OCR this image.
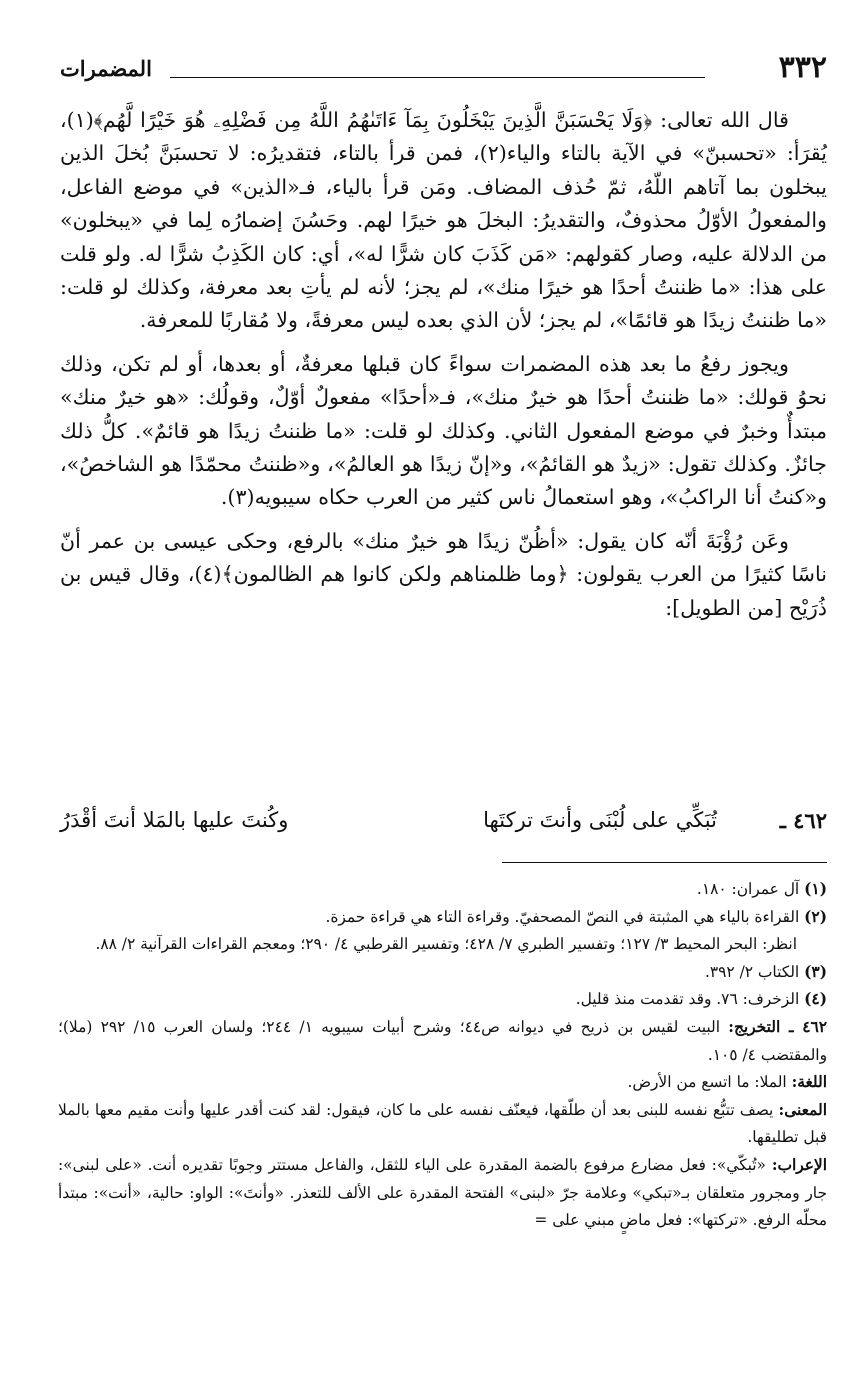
٣٣٢
المضمرات

قال الله تعالى: ﴿وَلَا يَحْسَبَنَّ الَّذِينَ يَبْخَلُونَ بِمَآ ءَاتَىٰهُمُ اللَّهُ مِن فَضْلِهِۦ هُوَ خَيْرًا لَّهُم﴾(١)، يُقرَأ: «تحسبنّ» في الآية بالتاء والياء(٢)، فمن قرأ بالتاء، فتقديرُه: لا تحسبَنَّ بُخلَ الذين يبخلون بما آتاهم اللّهُ، ثمّ حُذف المضاف. ومَن قرأ بالياء، فـ«الذين» في موضع الفاعل، والمفعولُ الأوّلُ محذوفٌ، والتقديرُ: البخلَ هو خيرًا لهم. وحَسُنَ إضمارُه لِما في «يبخلون» من الدلالة عليه، وصار كقولهم: «مَن كَذَبَ كان شرًّا له»، أي: كان الكَذِبُ شرًّا له. ولو قلت على هذا: «ما ظننتُ أحدًا هو خيرًا منك»، لم يجز؛ لأنه لم يأتِ بعد معرفة، وكذلك لو قلت: «ما ظننتُ زيدًا هو قائمًا»، لم يجز؛ لأن الذي بعده ليس معرفةً، ولا مُقاربًا للمعرفة.

ويجوز رفعُ ما بعد هذه المضمرات سواءً كان قبلها معرفةٌ، أو بعدها، أو لم تكن، وذلك نحوُ قولك: «ما ظننتُ أحدًا هو خيرٌ منك»، فـ«أحدًا» مفعولٌ أوّلٌ، وقولُك: «هو خيرٌ منك» مبتدأٌ وخبرٌ في موضع المفعول الثاني. وكذلك لو قلت: «ما ظننتُ زيدًا هو قائمٌ». كلُّ ذلك جائزٌ. وكذلك تقول: «زيدٌ هو القائمُ»، و«إنّ زيدًا هو العالمُ»، و«ظننتُ محمّدًا هو الشاخصُ»، و«كنتُ أنا الراكبُ»، وهو استعمالُ ناس كثير من العرب حكاه سيبويه(٣).

وعَن رُؤْبَةَ أنّه كان يقول: «أظُنّ زيدًا هو خيرٌ منك» بالرفع، وحكى عيسى بن عمر أنّ ناسًا كثيرًا من العرب يقولون: ﴿وما ظلمناهم ولكن كانوا هم الظالمون﴾(٤)، وقال قيس بن ذُرَيْح [من الطويل]:

٤٦٢ ـ
تُبَكِّي على لُبْنَى وأنتَ تركتَها
وكُنتَ عليها بالمَلا أنتَ أقْدَرُ

(١) آل عمران: ١٨٠.

(٢) القراءة بالياء هي المثبتة في النصّ المصحفيّ. وقراءة التاء هي قراءة حمزة.

انظر: البحر المحيط ٣/ ١٢٧؛ وتفسير الطبري ٧/ ٤٢٨؛ وتفسير القرطبي ٤/ ٢٩٠؛ ومعجم القراءات القرآنية ٢/ ٨٨.

(٣) الكتاب ٢/ ٣٩٢.

(٤) الزخرف: ٧٦. وقد تقدمت منذ قليل.

٤٦٢ ـ التخريج: البيت لقيس بن ذريح في ديوانه ص٤٤؛ وشرح أبيات سيبويه ١/ ٢٤٤؛ ولسان العرب ١٥/ ٢٩٢ (ملا)؛ والمقتضب ٤/ ١٠٥.

اللغة: الملا: ما اتسع من الأرض.

المعنى: يصف تتبُّع نفسه للبنى بعد أن طلّقها، فيعنّف نفسه على ما كان، فيقول: لقد كنت أقدر عليها وأنت مقيم معها بالملا قبل تطليقها.

الإعراب: «تُبكّي»: فعل مضارع مرفوع بالضمة المقدرة على الياء للثقل، والفاعل مستتر وجوبًا تقديره أنت. «على لبنى»: جار ومجرور متعلقان بـ«تبكي» وعلامة جرّ «لبنى» الفتحة المقدرة على الألف للتعذر. «وأنتَ»: الواو: حالية، «أنت»: مبتدأ محلّه الرفع. «تركتها»: فعل ماضٍ مبني على =
